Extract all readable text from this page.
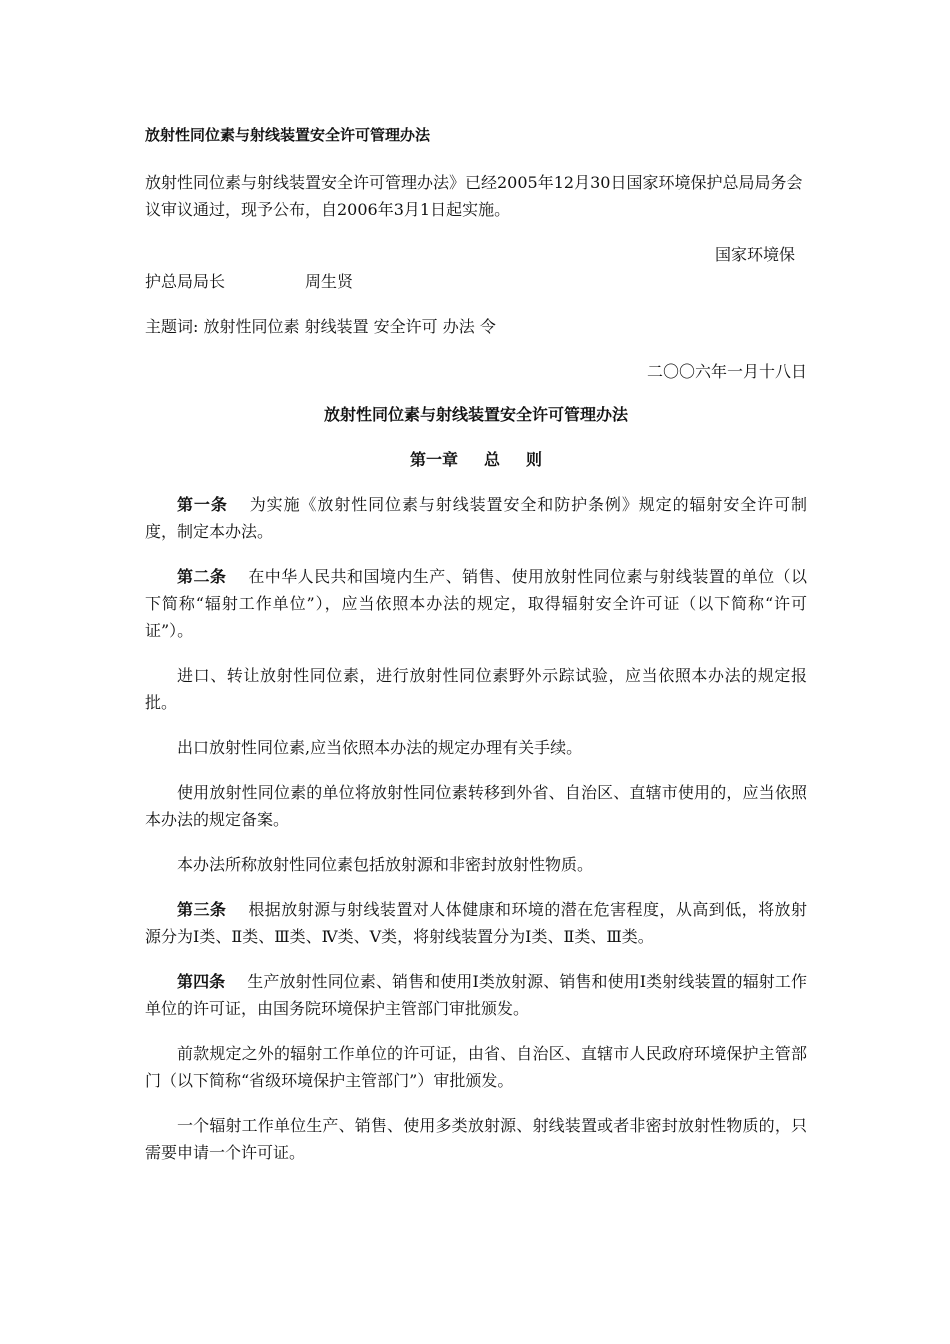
放射性同位素与射线装置安全许可管理办法

放射性同位素与射线装置安全许可管理办法》已经2005年12月30日国家环境保护总局局务会议审议通过，现予公布，自2006年3月1日起实施。

国家环境保

护总局局长	周生贤

主题词: 放射性同位素 射线装置 安全许可 办法 令

二〇〇六年一月十八日

放射性同位素与射线装置安全许可管理办法

第一章 总 则

第一条 为实施《放射性同位素与射线装置安全和防护条例》规定的辐射安全许可制度，制定本办法。

第二条 在中华人民共和国境内生产、销售、使用放射性同位素与射线装置的单位（以下简称“辐射工作单位”），应当依照本办法的规定，取得辐射安全许可证（以下简称“许可证”）。

进口、转让放射性同位素，进行放射性同位素野外示踪试验，应当依照本办法的规定报批。

出口放射性同位素,应当依照本办法的规定办理有关手续。

使用放射性同位素的单位将放射性同位素转移到外省、自治区、直辖市使用的，应当依照本办法的规定备案。

本办法所称放射性同位素包括放射源和非密封放射性物质。

第三条 根据放射源与射线装置对人体健康和环境的潜在危害程度，从高到低，将放射源分为Ⅰ类、Ⅱ类、Ⅲ类、Ⅳ类、Ⅴ类，将射线装置分为Ⅰ类、Ⅱ类、Ⅲ类。

第四条 生产放射性同位素、销售和使用Ⅰ类放射源、销售和使用Ⅰ类射线装置的辐射工作单位的许可证，由国务院环境保护主管部门审批颁发。

前款规定之外的辐射工作单位的许可证，由省、自治区、直辖市人民政府环境保护主管部门（以下简称“省级环境保护主管部门”）审批颁发。

一个辐射工作单位生产、销售、使用多类放射源、射线装置或者非密封放射性物质的，只需要申请一个许可证。
